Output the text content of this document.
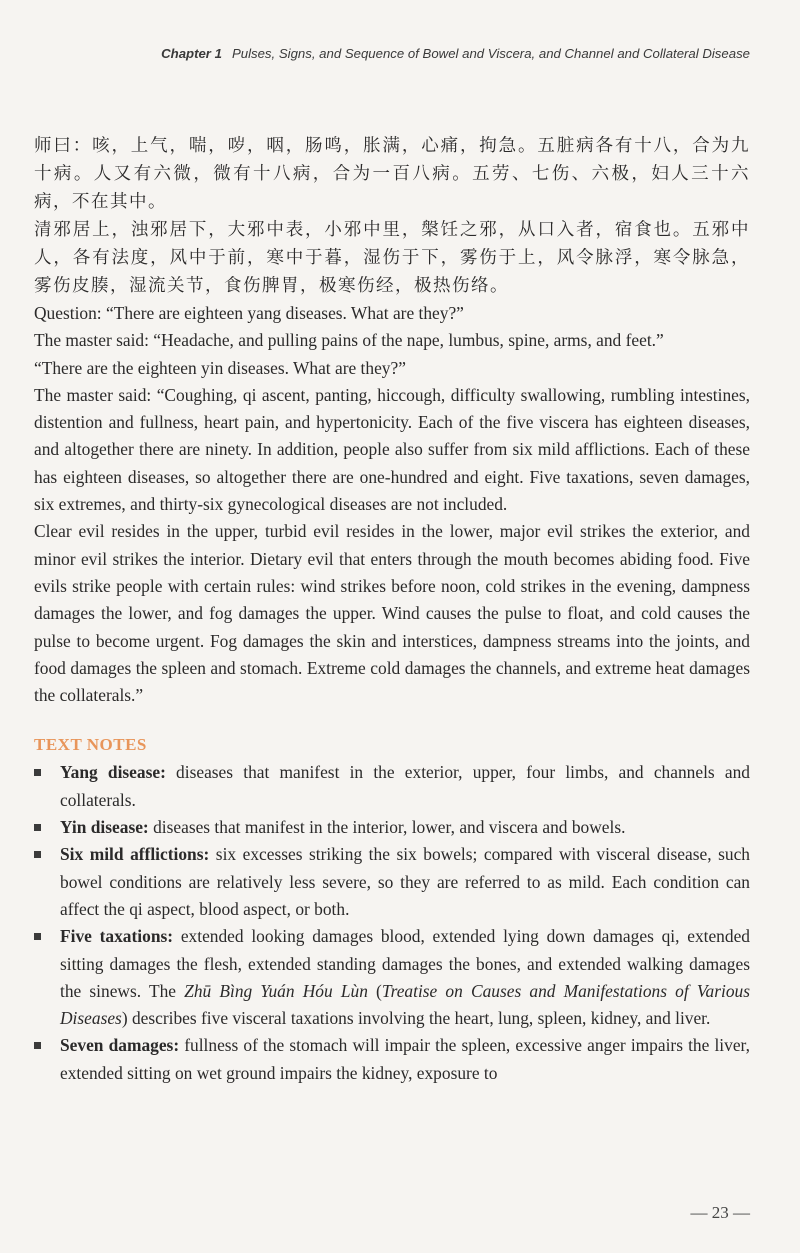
Chapter 1 Pulses, Signs, and Sequence of Bowel and Viscera, and Channel and Collateral Disease

师曰：咳，上气，喘，哕，咽，肠鸣，胀满，心痛，拘急。五脏病各有十八，合为九十病。人又有六微，微有十八病，合为一百八病。五劳、七伤、六极，妇人三十六病，不在其中。

清邪居上，浊邪居下，大邪中表，小邪中里，槃饪之邪，从口入者，宿食也。五邪中人，各有法度，风中于前，寒中于暮，湿伤于下，雾伤于上，风令脉浮，寒令脉急，雾伤皮腠，湿流关节，食伤脾胃，极寒伤经，极热伤络。

Question: “There are eighteen yang diseases. What are they?”

The master said: “Headache, and pulling pains of the nape, lumbus, spine, arms, and feet.”

“There are the eighteen yin diseases. What are they?”

The master said: “Coughing, qi ascent, panting, hiccough, difficulty swallowing, rumbling intestines, distention and fullness, heart pain, and hypertonicity. Each of the five viscera has eighteen diseases, and altogether there are ninety. In addition, people also suffer from six mild afflictions. Each of these has eighteen diseases, so altogether there are one-hundred and eight. Five taxations, seven damages, six extremes, and thirty-six gynecological diseases are not included.

Clear evil resides in the upper, turbid evil resides in the lower, major evil strikes the exterior, and minor evil strikes the interior. Dietary evil that enters through the mouth becomes abiding food. Five evils strike people with certain rules: wind strikes before noon, cold strikes in the evening, dampness damages the lower, and fog damages the upper. Wind causes the pulse to float, and cold causes the pulse to become urgent. Fog damages the skin and interstices, dampness streams into the joints, and food damages the spleen and stomach. Extreme cold damages the channels, and extreme heat damages the collaterals.”

TEXT NOTES
Yang disease: diseases that manifest in the exterior, upper, four limbs, and channels and collaterals.
Yin disease: diseases that manifest in the interior, lower, and viscera and bowels.
Six mild afflictions: six excesses striking the six bowels; compared with visceral disease, such bowel conditions are relatively less severe, so they are referred to as mild. Each condition can affect the qi aspect, blood aspect, or both.
Five taxations: extended looking damages blood, extended lying down damages qi, extended sitting damages the flesh, extended standing damages the bones, and extended walking damages the sinews. The Zhū Bìng Yuán Hóu Lùn (Treatise on Causes and Manifestations of Various Diseases) describes five visceral taxations involving the heart, lung, spleen, kidney, and liver.
Seven damages: fullness of the stomach will impair the spleen, excessive anger impairs the liver, extended sitting on wet ground impairs the kidney, exposure to
— 23 —
